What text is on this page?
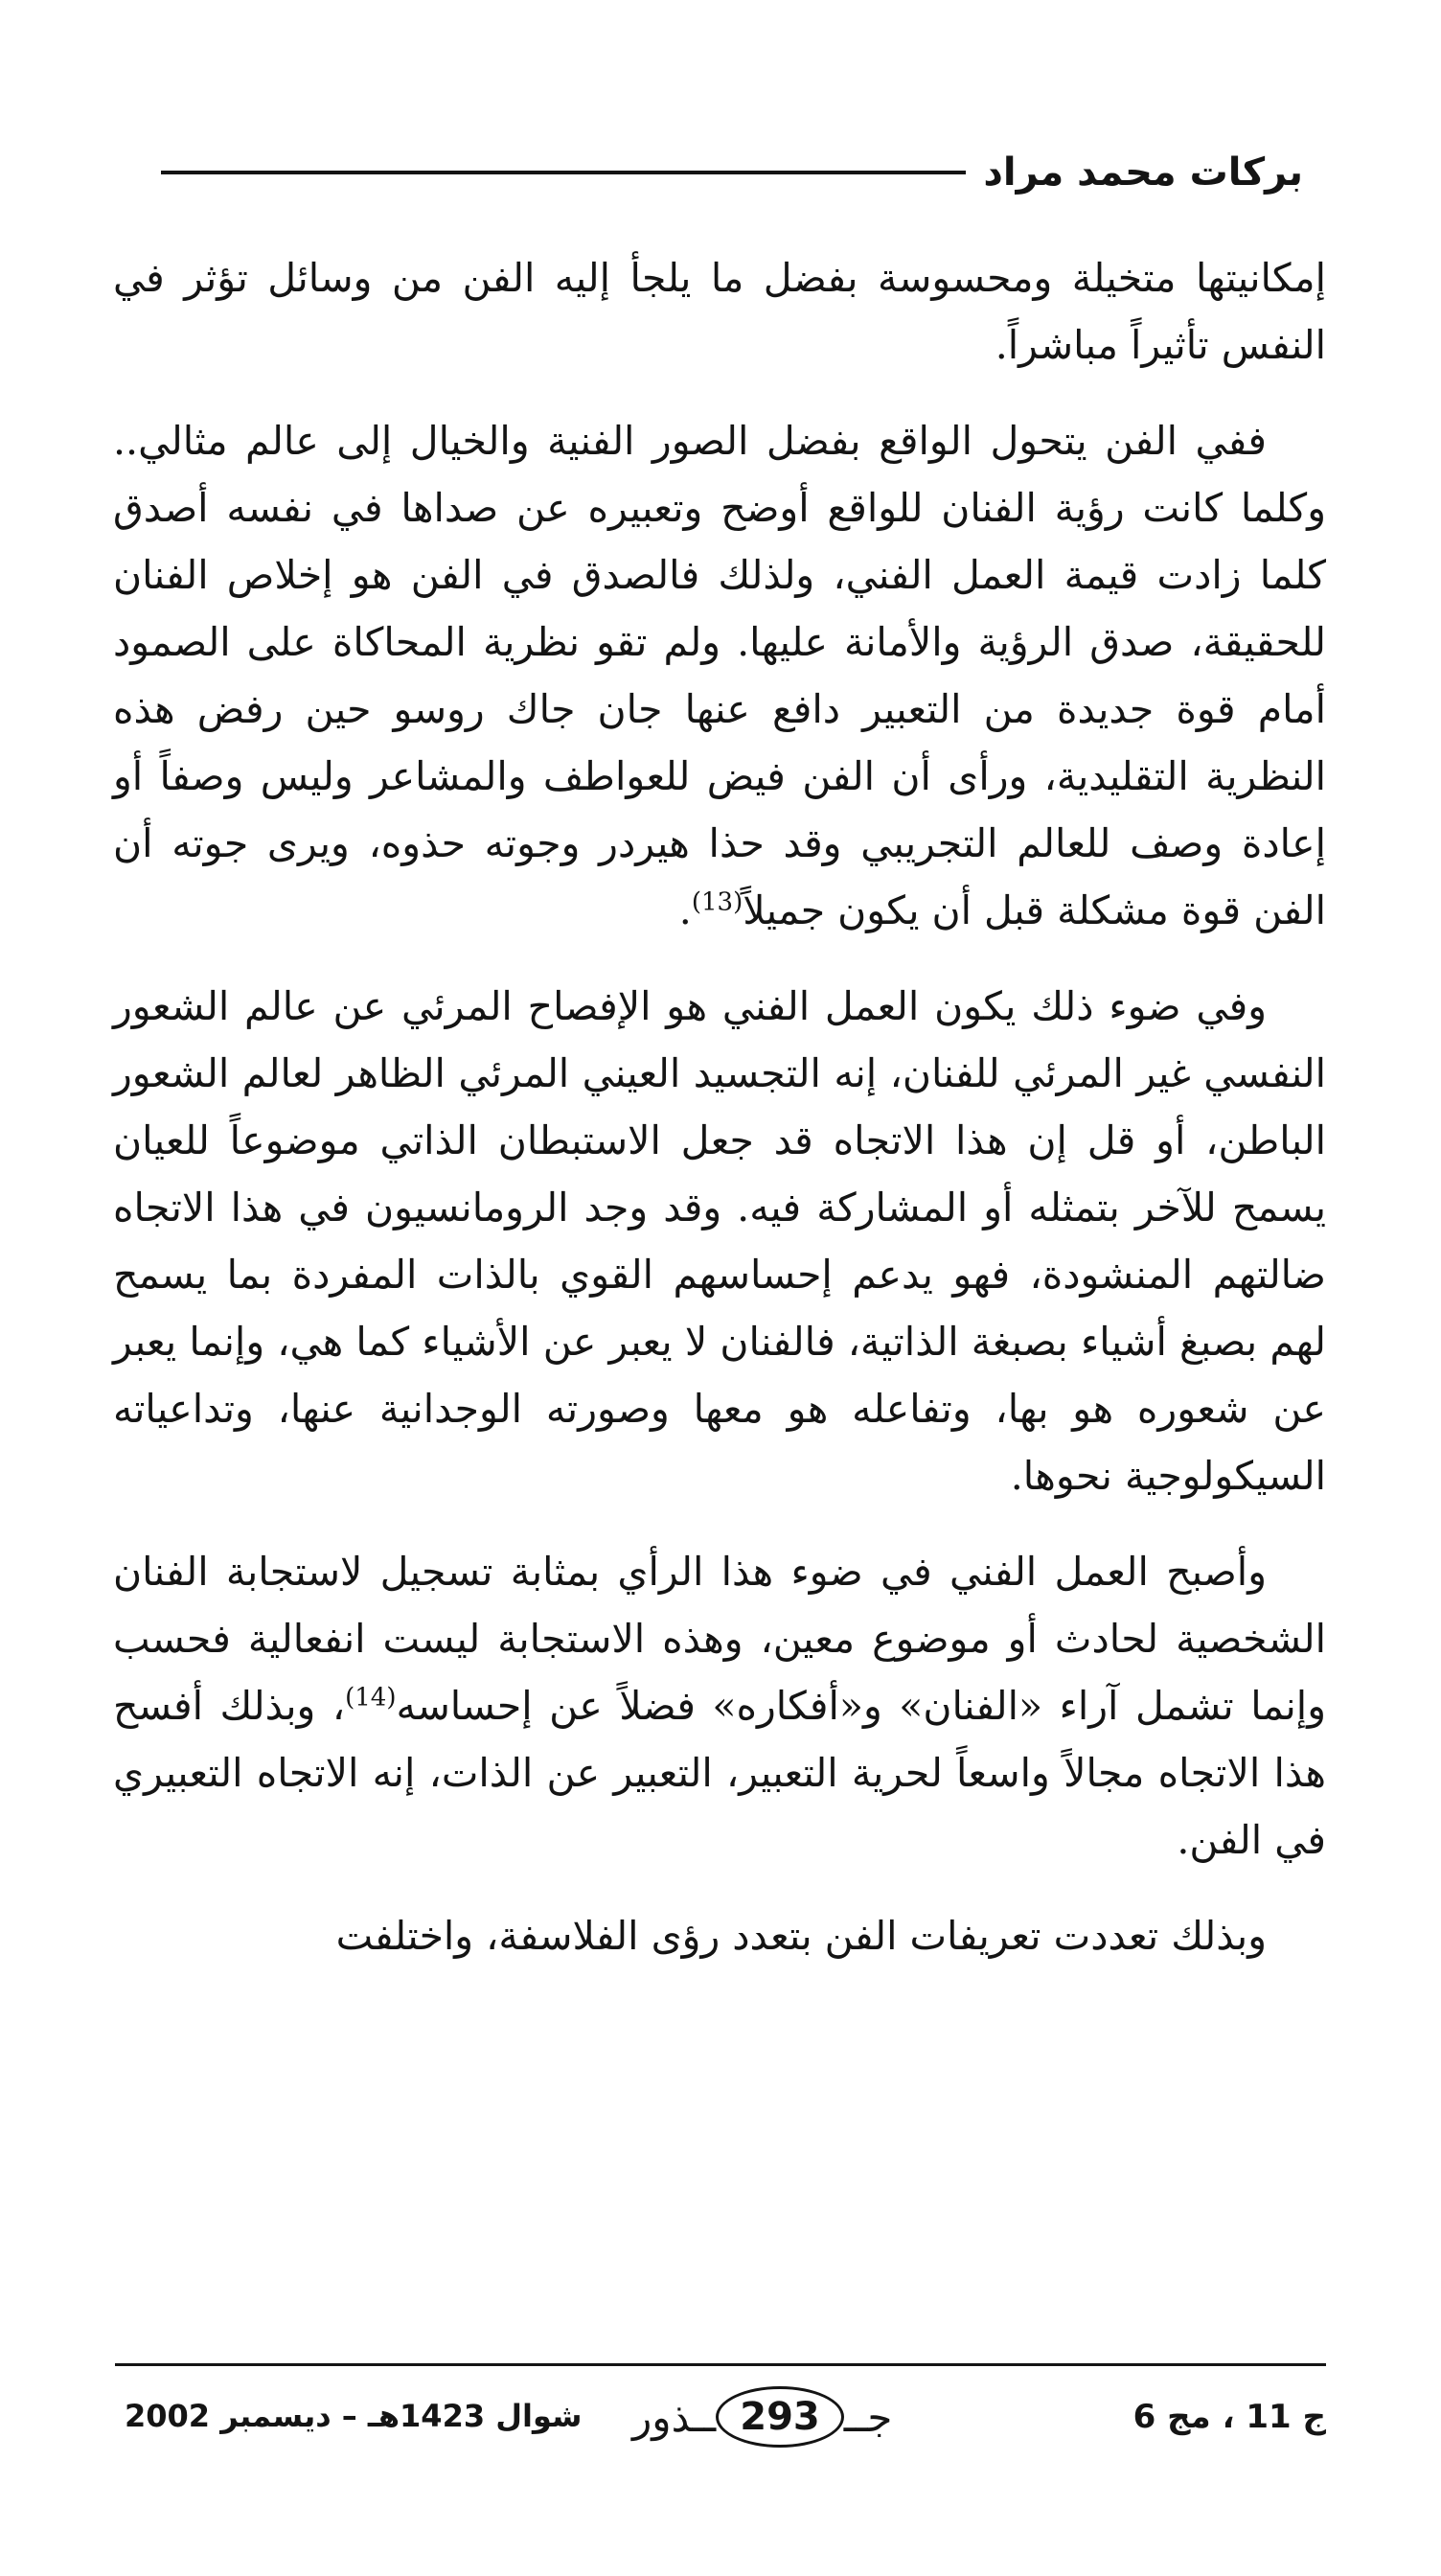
بركات محمد مراد

إمكانيتها متخيلة ومحسوسة بفضل ما يلجأ إليه الفن من وسائل تؤثر في النفس تأثيراً مباشراً.

ففي الفن يتحول الواقع بفضل الصور الفنية والخيال إلى عالم مثالي.. وكلما كانت رؤية الفنان للواقع أوضح وتعبيره عن صداها في نفسه أصدق كلما زادت قيمة العمل الفني، ولذلك فالصدق في الفن هو إخلاص الفنان للحقيقة، صدق الرؤية والأمانة عليها. ولم تقو نظرية المحاكاة على الصمود أمام قوة جديدة من التعبير دافع عنها جان جاك روسو حين رفض هذه النظرية التقليدية، ورأى أن الفن فيض للعواطف والمشاعر وليس وصفاً أو إعادة وصف للعالم التجريبي وقد حذا هيردر وجوته حذوه، ويرى جوته أن الفن قوة مشكلة قبل أن يكون جميلاً$^{(13)}$.

وفي ضوء ذلك يكون العمل الفني هو الإفصاح المرئي عن عالم الشعور النفسي غير المرئي للفنان، إنه التجسيد العيني المرئي الظاهر لعالم الشعور الباطن، أو قل إن هذا الاتجاه قد جعل الاستبطان الذاتي موضوعاً للعيان يسمح للآخر بتمثله أو المشاركة فيه. وقد وجد الرومانسيون في هذا الاتجاه ضالتهم المنشودة، فهو يدعم إحساسهم القوي بالذات المفردة بما يسمح لهم بصبغ أشياء بصبغة الذاتية، فالفنان لا يعبر عن الأشياء كما هي، وإنما يعبر عن شعوره هو بها، وتفاعله هو معها وصورته الوجدانية عنها، وتداعياته السيكولوجية نحوها.

وأصبح العمل الفني في ضوء هذا الرأي بمثابة تسجيل لاستجابة الفنان الشخصية لحادث أو موضوع معين، وهذه الاستجابة ليست انفعالية فحسب وإنما تشمل آراء «الفنان» و«أفكاره» فضلاً عن إحساسه$^{(14)}$، وبذلك أفسح هذا الاتجاه مجالاً واسعاً لحرية التعبير، التعبير عن الذات، إنه الاتجاه التعبيري في الفن.

وبذلك تعددت تعريفات الفن بتعدد رؤى الفلاسفة، واختلفت

ج 11 ، مج 6
ــذور 293 جــ
شوال 1423هـ – ديسمبر 2002
